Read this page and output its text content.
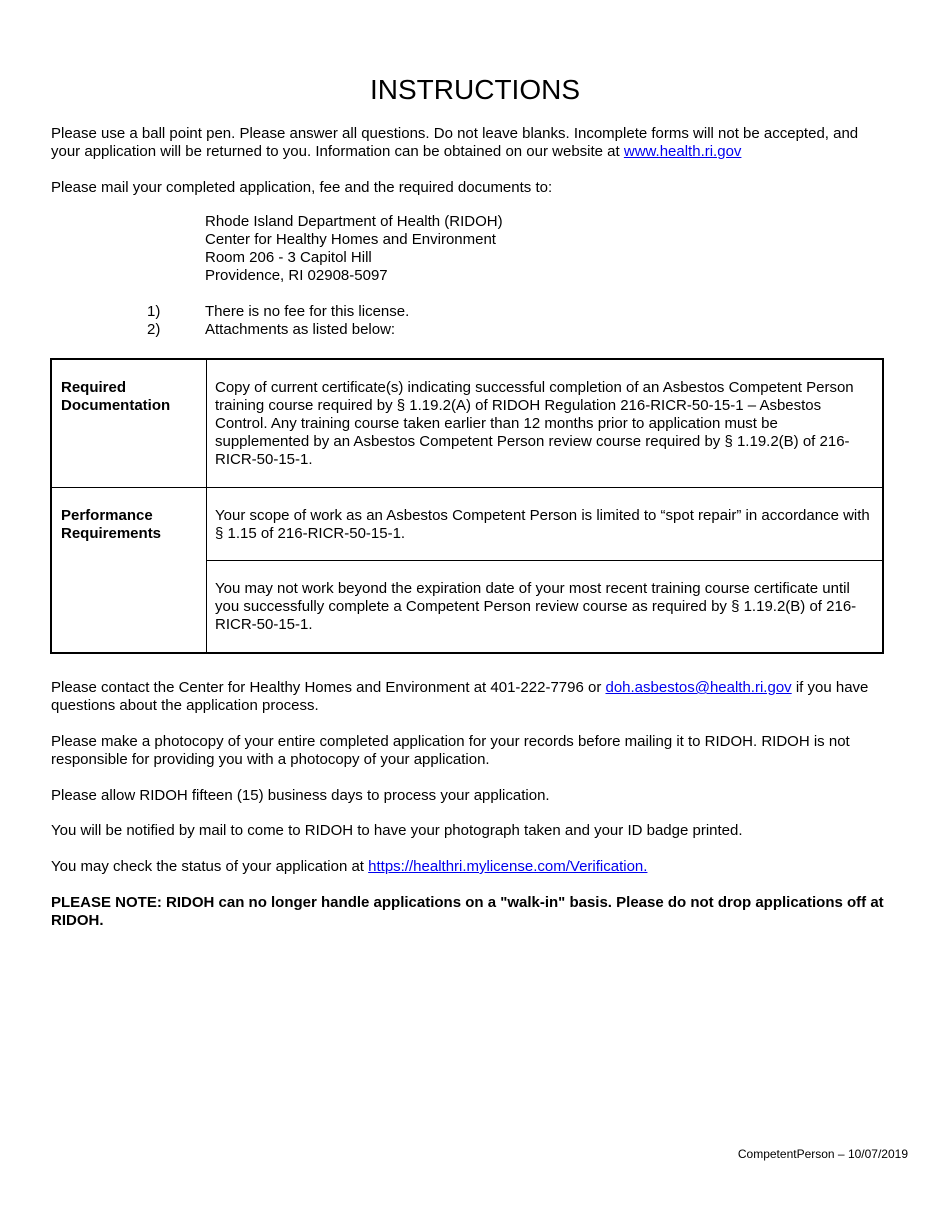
INSTRUCTIONS

Please use a ball point pen. Please answer all questions. Do not leave blanks. Incomplete forms will not be accepted, and your application will be returned to you. Information can be obtained on our website at www.health.ri.gov

Please mail your completed application, fee and the required documents to:

Rhode Island Department of Health (RIDOH)
Center for Healthy Homes and Environment
Room 206 - 3 Capitol Hill
Providence, RI 02908-5097
1)	There is no fee for this license.
2)	Attachments as listed below:
Required Documentation	Copy of current certificate(s) indicating successful completion of an Asbestos Competent Person training course required by § 1.19.2(A) of RIDOH Regulation 216-RICR-50-15-1 – Asbestos Control. Any training course taken earlier than 12 months prior to application must be supplemented by an Asbestos Competent Person review course required by § 1.19.2(B) of 216-RICR-50-15-1.
Performance Requirements	Your scope of work as an Asbestos Competent Person is limited to “spot repair” in accordance with § 1.15 of 216-RICR-50-15-1.
	You may not work beyond the expiration date of your most recent training course certificate until you successfully complete a Competent Person review course as required by § 1.19.2(B) of 216-RICR-50-15-1.

Please contact the Center for Healthy Homes and Environment at 401-222-7796 or doh.asbestos@health.ri.gov if you have questions about the application process.

Please make a photocopy of your entire completed application for your records before mailing it to RIDOH. RIDOH is not responsible for providing you with a photocopy of your application.

Please allow RIDOH fifteen (15) business days to process your application.

You will be notified by mail to come to RIDOH to have your photograph taken and your ID badge printed.

You may check the status of your application at https://healthri.mylicense.com/Verification.

PLEASE NOTE: RIDOH can no longer handle applications on a "walk-in" basis. Please do not drop applications off at RIDOH.

CompetentPerson – 10/07/2019
